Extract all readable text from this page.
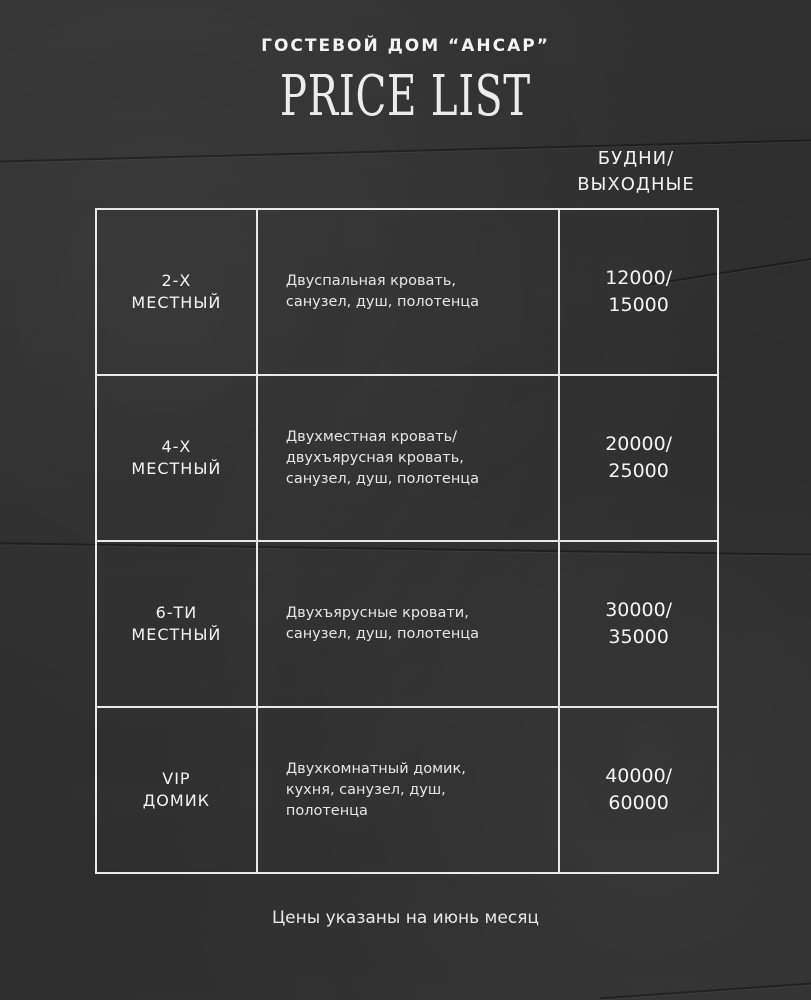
ГОСТЕВОЙ ДОМ “АНСАР”
PRICE LIST
БУДНИ/
ВЫХОДНЫЕ
2-Х
МЕСТНЫЙ	Двуспальная кровать,
санузел, душ, полотенца	12000/
15000

4-Х
МЕСТНЫЙ	Двухместная кровать/
двухъярусная кровать,
санузел, душ, полотенца	20000/
25000

6-ТИ
МЕСТНЫЙ	Двухъярусные кровати,
санузел, душ, полотенца	30000/
35000

VIP
ДОМИК	Двухкомнатный домик,
кухня, санузел, душ,
полотенца	40000/
60000
Цены указаны на июнь месяц
